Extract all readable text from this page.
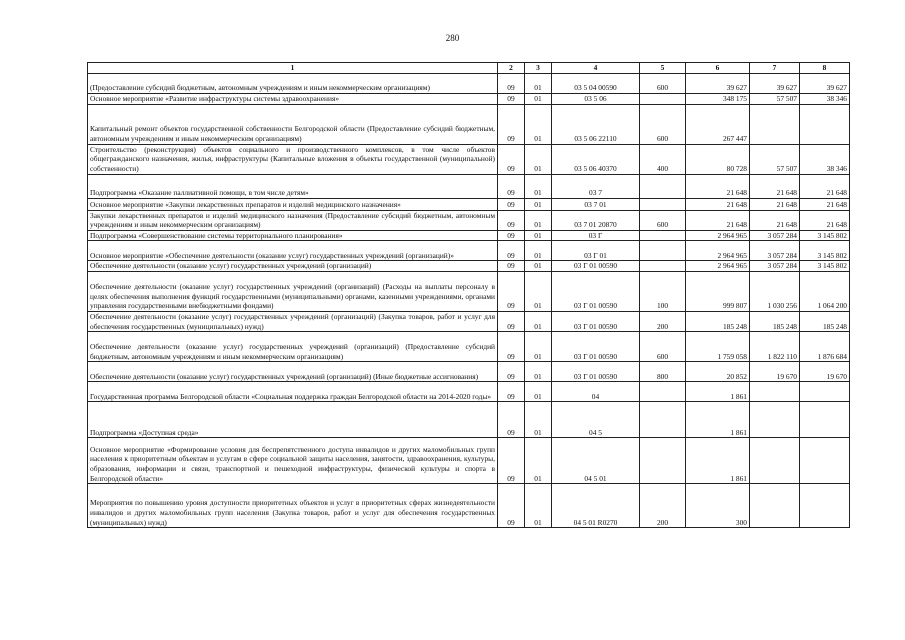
280
1	2	3	4	5	6	7	8
(Предоставление субсидий бюджетным, автономным учреждениям и иным некоммерческим организациям)	09	01	03 5 04 00590	600	39 627	39 627	39 627
Основное мероприятие «Развитие инфраструктуры системы здравоохранения»	09	01	03 5 06		348 175	57 507	38 346
Капитальный ремонт объектов государственной собственности Белгородской области (Предоставление субсидий бюджетным, автономным учреждениям и иным некоммерческим организациям)	09	01	03 5 06 22110	600	267 447		
Строительство (реконструкция) объектов социального и производственного комплексов, в том числе объектов общегражданского назначения, жилья, инфраструктуры (Капитальные вложения в объекты государственной (муниципальной) собственности)	09	01	03 5 06 40370	400	80 728	57 507	38 346
Подпрограмма «Оказание паллиативной помощи, в том числе детям»	09	01	03 7		21 648	21 648	21 648
Основное мероприятие «Закупки лекарственных препаратов и изделий медицинского назначения»	09	01	03 7 01		21 648	21 648	21 648
Закупки лекарственных препаратов и изделий медицинского назначения (Предоставление субсидий бюджетным, автономным учреждениям и иным некоммерческим организациям)	09	01	03 7 01 20870	600	21 648	21 648	21 648
Подпрограмма «Совершенствование системы территориального планирования»	09	01	03 Г		2 964 965	3 057 284	3 145 802
Основное мероприятие «Обеспечение деятельности (оказание услуг) государственных учреждений (организаций)»	09	01	03 Г 01		2 964 965	3 057 284	3 145 802
Обеспечение деятельности (оказание услуг) государственных учреждений (организаций)	09	01	03 Г 01 00590		2 964 965	3 057 284	3 145 802
Обеспечение деятельности (оказание услуг) государственных учреждений (организаций) (Расходы на выплаты персоналу в целях обеспечения выполнения функций государственными (муниципальными) органами, казенными учреждениями, органами управления государственными внебюджетными фондами)	09	01	03 Г 01 00590	100	999 807	1 030 256	1 064 200
Обеспечение деятельности (оказание услуг) государственных учреждений (организаций) (Закупка товаров, работ и услуг для обеспечения государственных (муниципальных) нужд)	09	01	03 Г 01 00590	200	185 248	185 248	185 248
Обеспечение деятельности (оказание услуг) государственных учреждений (организаций) (Предоставление субсидий бюджетным, автономным учреждениям и иным некоммерческим организациям)	09	01	03 Г 01 00590	600	1 759 058	1 822 110	1 876 684
Обеспечение деятельности (оказание услуг) государственных учреждений (организаций) (Иные бюджетные ассигнования)	09	01	03 Г 01 00590	800	20 852	19 670	19 670
Государственная программа Белгородской области «Социальная поддержка граждан Белгородской области на 2014-2020 годы»	09	01	04		1 861		
Подпрограмма «Доступная среда»	09	01	04 5		1 861		
Основное мероприятие «Формирование условия для беспрепятственного доступа инвалидов и других маломобильных групп населения к приоритетным объектам и услугам в сфере социальной защиты населения, занятости, здравоохранения, культуры, образования, информации и связи, транспортной и пешеходной инфраструктуры, физической культуры и спорта в Белгородской области»	09	01	04 5 01		1 861		
Мероприятия по повышению уровня доступности приоритетных объектов и услуг в приоритетных сферах жизнедеятельности инвалидов и других маломобильных групп населения (Закупка товаров, работ и услуг для обеспечения государственных (муниципальных) нужд)	09	01	04 5 01 R0270	200	300		
